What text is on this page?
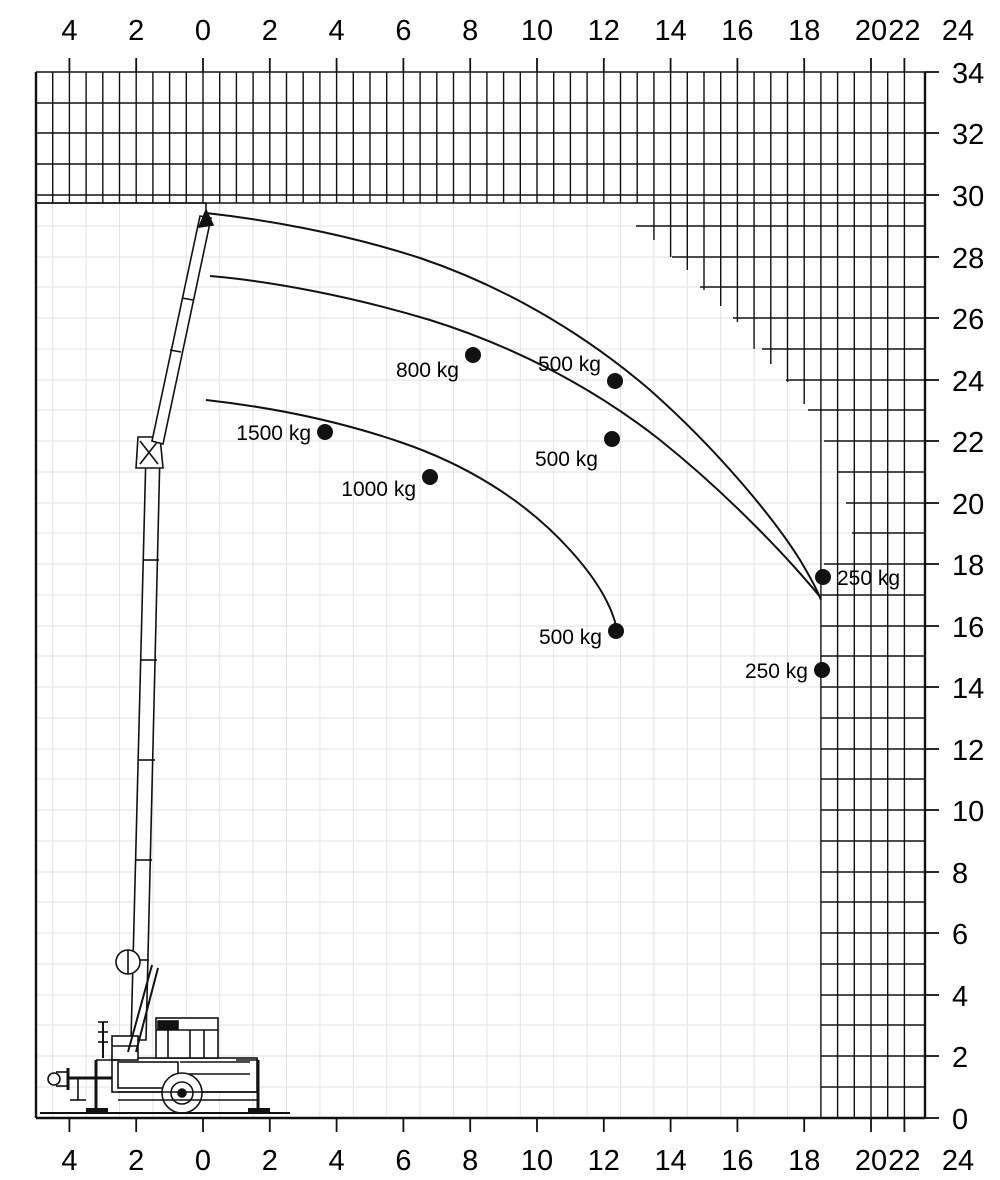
4 2 0 2 4 6 8 10 12 14 16 18 20 22 24
4 2 0 2 4 6 8 10 12 14 16 18 20 22 24
34
32
30
28
26
24
22
20
18
16
14
12
10
8
6
4
2
0
800 kg	500 kg
1500 kg
500 kg
1000 kg
250 kg
500 kg
250 kg
